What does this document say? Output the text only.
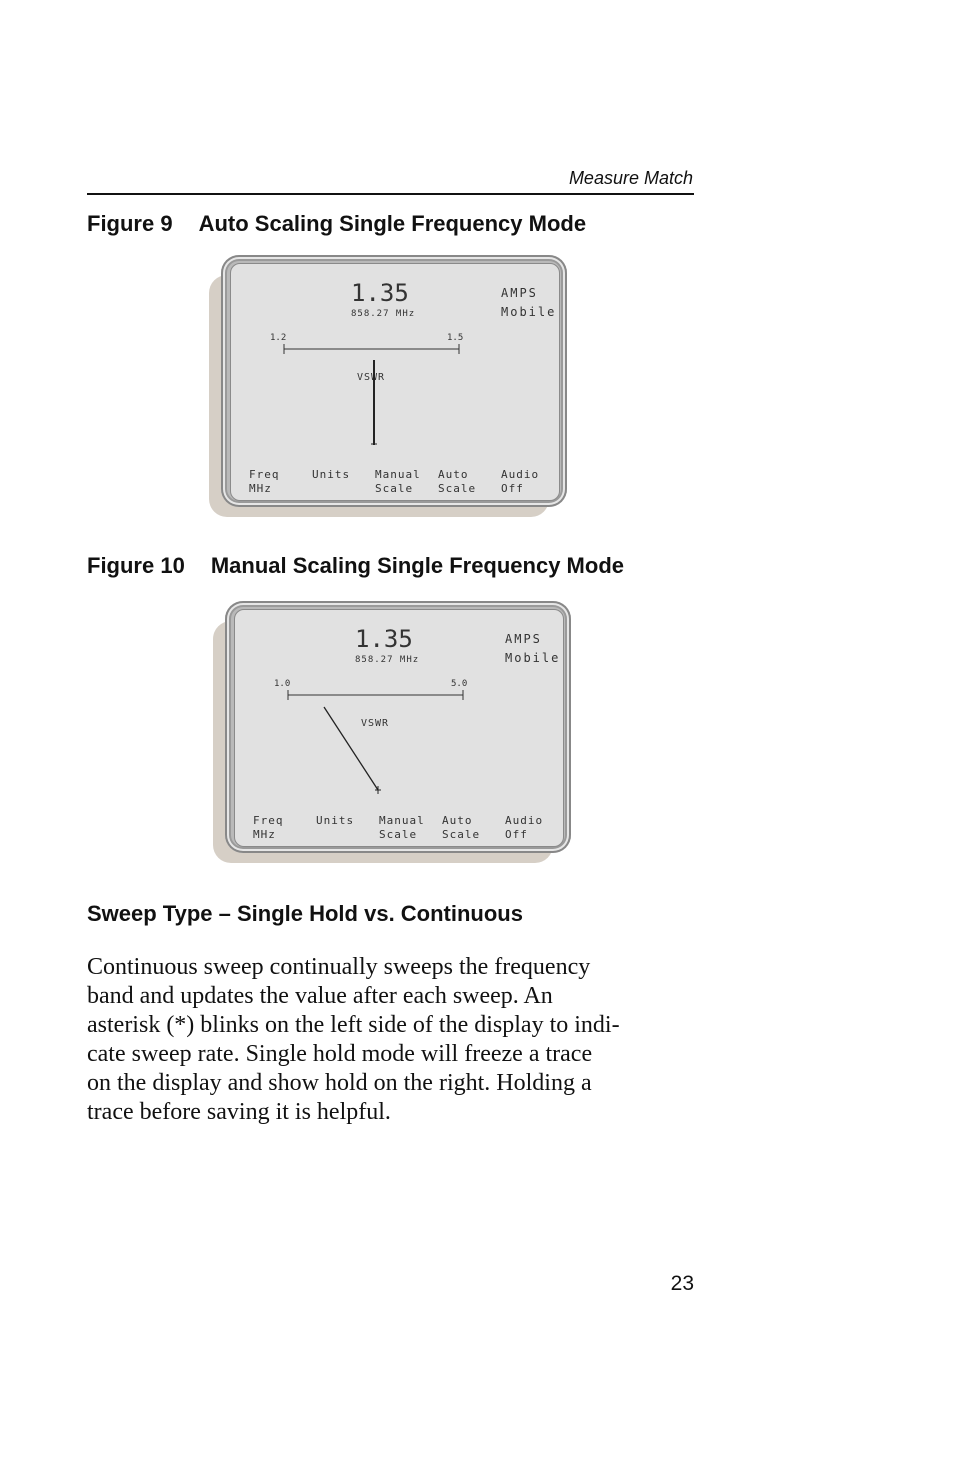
Measure Match
Figure 9 Auto Scaling Single Frequency Mode
1.35
858.27 MHz
AMPS
Mobile
1.2	1.5
VSWR
Freq
MHz
Units Manual
Scale
Auto
Scale
Audio
Off
Figure 10 Manual Scaling Single Frequency Mode
1.35
858.27 MHz
AMPS
Mobile
1.0	5.0
VSWR
Freq
MHz
Units Manual
Scale
Auto
Scale
Audio
Off
Sweep Type – Single Hold vs. Continuous
Continuous sweep continually sweeps the frequency
band and updates the value after each sweep. An
asterisk (*) blinks on the left side of the display to indi-
cate sweep rate. Single hold mode will freeze a trace
on the display and show hold on the right. Holding a
trace before saving it is helpful.
23
